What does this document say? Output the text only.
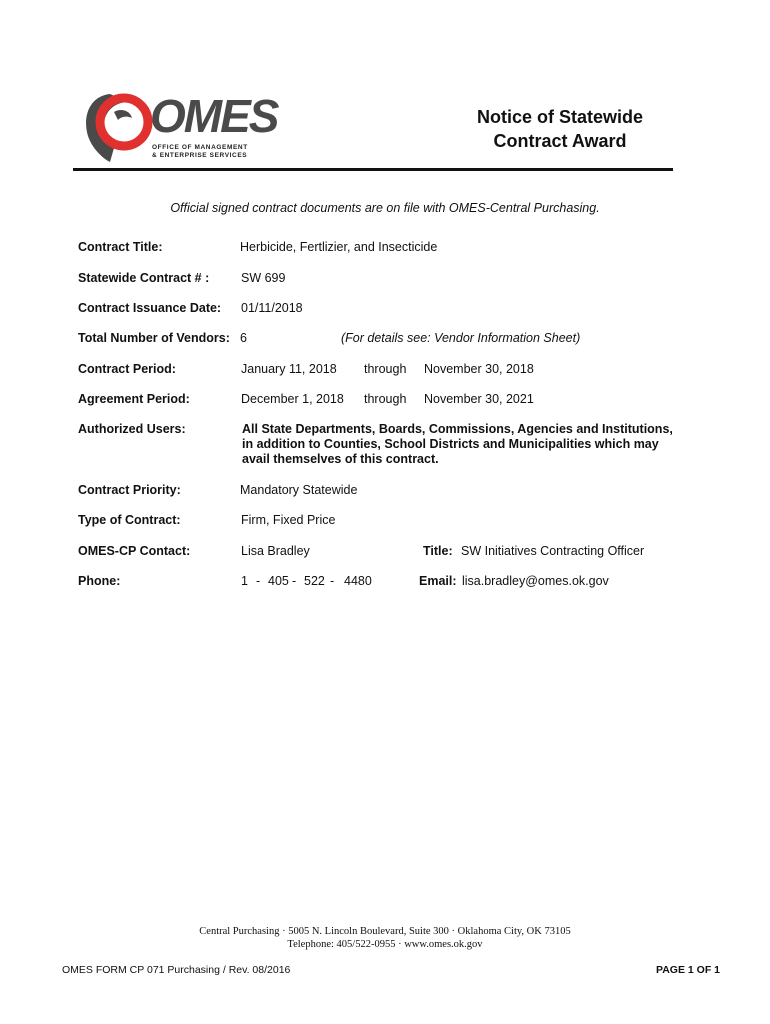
OMES
OFFICE OF MANAGEMENT
& ENTERPRISE SERVICES
Notice of Statewide
Contract Award
Official signed contract documents are on file with OMES-Central Purchasing.
Contract Title:	Herbicide, Fertlizier, and Insecticide
Statewide Contract # :	SW 699
Contract Issuance Date: 01/11/2018
Total Number of Vendors: 6	(For details see: Vendor Information Sheet)
Contract Period:	January 11, 2018 through November 30, 2018
Agreement Period:	December 1, 2018 through November 30, 2021
Authorized Users:	All State Departments, Boards, Commissions, Agencies and Institutions,
in addition to Counties, School Districts and Municipalities which may
avail themselves of this contract.
Contract Priority:	Mandatory Statewide
Type of Contract:	Firm, Fixed Price
OMES-CP Contact:	Lisa Bradley	Title: SW Initiatives Contracting Officer
Phone:	1 - 405 - 522 - 4480	Email: lisa.bradley@omes.ok.gov
Central Purchasing · 5005 N. Lincoln Boulevard, Suite 300 · Oklahoma City, OK 73105
Telephone: 405/522-0955 · www.omes.ok.gov
OMES FORM CP 071 Purchasing / Rev. 08/2016	PAGE 1 OF 1
